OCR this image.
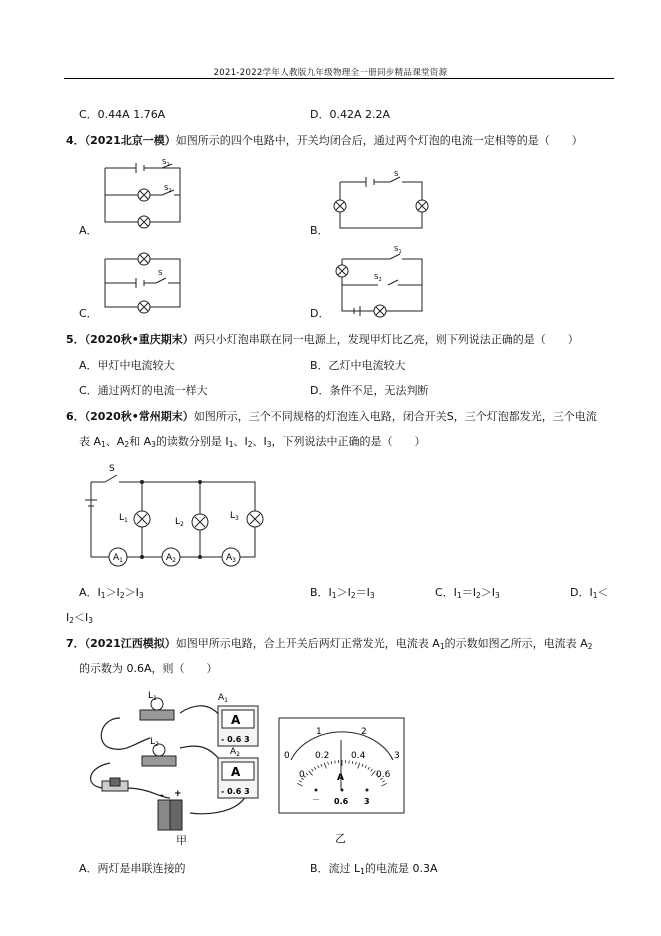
2021-2022学年人教版九年级物理全一册同步精品课堂资源
C．0.44A 1.76A	D．0.42A 2.2A
4．（2021北京一模）如图所示的四个电路中，开关均闭合后，通过两个灯泡的电流一定相等的是（　　）
A．	B．
C．	D．
$S_1$
$S_2$
S
S
$S_1$
$S_2$
5．（2020秋•重庆期末）两只小灯泡串联在同一电源上，发现甲灯比乙亮，则下列说法正确的是（　　）
A．甲灯中电流较大	B．乙灯中电流较大
C．通过两灯的电流一样大	D．条件不足，无法判断
6．（2020秋•常州期末）如图所示，三个不同规格的灯泡连入电路，闭合开关S，三个灯泡都发光，三个电流
表 $A_1$、$A_2$和 $A_3$的读数分别是 $I_1$、$I_2$、$I_3$，下列说法中正确的是（　　）
S
$L_1$	$L_2$
$L_3$
$A_1$	$A_2$	$A_3$
A．$I_1>I_2>I_3$	B．$I_1>I_2=I_3$	C．$I_1=I_2>I_3$	D．$I_1<$
$I_2<I_3$
7．（2021江西模拟）如图甲所示电路，合上开关后两灯正常发光，电流表 $A_1$的示数如图乙所示，电流表 $A_2$
的示数为 0.6A，则（　　）
$L_1$
$L_2$
A
- 0.6 3
$A_1$
A
- 0.6 3
$A_2$
- +
甲
0
1	2
3
0
0.2 0.4
0.6
A
－ 0.6 3
乙
A．两灯是串联连接的	B．流过 $L_1$的电流是 0.3A
